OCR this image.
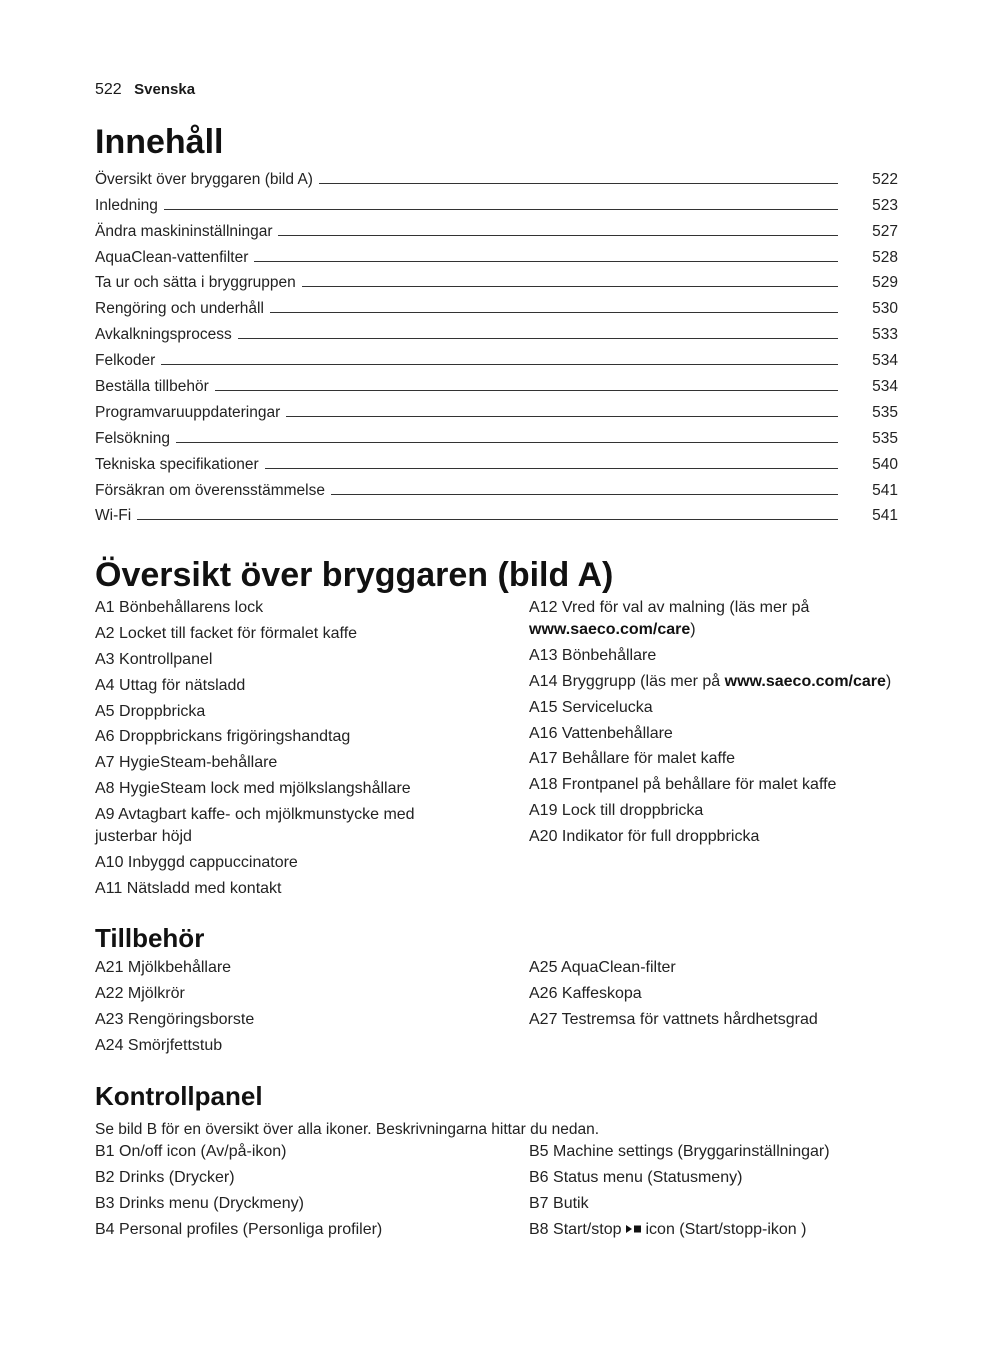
522 Svenska
Innehåll
Översikt över bryggaren (bild A)	522
Inledning	523
Ändra maskininställningar	527
AquaClean-vattenfilter	528
Ta ur och sätta i bryggruppen	529
Rengöring och underhåll	530
Avkalkningsprocess	533
Felkoder	534
Beställa tillbehör	534
Programvaruuppdateringar	535
Felsökning	535
Tekniska specifikationer	540
Försäkran om överensstämmelse	541
Wi-Fi	541
Översikt över bryggaren (bild A)
A1 Bönbehållarens lock
A2 Locket till facket för förmalet kaffe
A3 Kontrollpanel
A4 Uttag för nätsladd
A5 Droppbricka
A6 Droppbrickans frigöringshandtag
A7 HygieSteam-behållare
A8 HygieSteam lock med mjölkslangshållare
A9 Avtagbart kaffe- och mjölkmunstycke med justerbar höjd
A10 Inbyggd cappuccinatore
A11 Nätsladd med kontakt
A12 Vred för val av malning (läs mer på www.saeco.com/care)
A13 Bönbehållare
A14 Bryggrupp (läs mer på www.saeco.com/care)
A15 Servicelucka
A16 Vattenbehållare
A17 Behållare för malet kaffe
A18 Frontpanel på behållare för malet kaffe
A19 Lock till droppbricka
A20 Indikator för full droppbricka
Tillbehör
A21 Mjölkbehållare
A22 Mjölkrör
A23 Rengöringsborste
A24 Smörjfettstub
A25 AquaClean-filter
A26 Kaffeskopa
A27 Testremsa för vattnets hårdhetsgrad
Kontrollpanel
Se bild B för en översikt över alla ikoner. Beskrivningarna hittar du nedan.
B1 On/off icon (Av/på-ikon)
B2 Drinks (Drycker)
B3 Drinks menu (Dryckmeny)
B4 Personal profiles (Personliga profiler)
B5 Machine settings (Bryggarinställningar)
B6 Status menu (Statusmeny)
B7 Butik
B8 Start/stop icon (Start/stopp-ikon )
